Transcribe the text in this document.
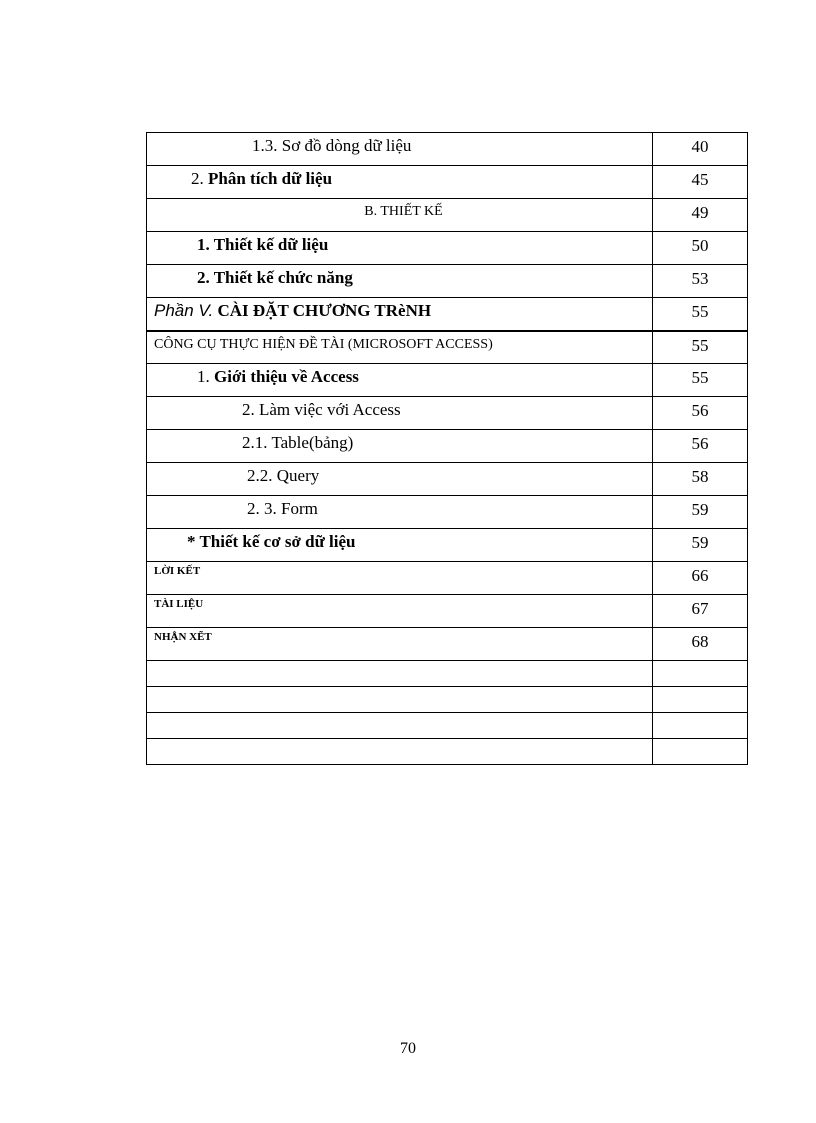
1.3. Sơ đồ dòng dữ liệu	40
2. Phân tích dữ liệu	45
B. THIẾT KẾ	49
1. Thiết kế dữ liệu	50
2. Thiết kế chức năng	53
Phần V. CÀI ĐẶT CHƯƠNG TRèNH	55
CÔNG CỤ THỰC HIỆN ĐỀ TÀI (MICROSOFT ACCESS)	55
1. Giới thiệu về Access	55
2. Làm việc với Access	56
2.1. Table(bảng)	56
2.2. Query	58
2. 3. Form	59
* Thiết kế cơ sở dữ liệu	59
LỜI KẾT	66
TÀI LIỆU	67
NHẬN XẼT	68

70
